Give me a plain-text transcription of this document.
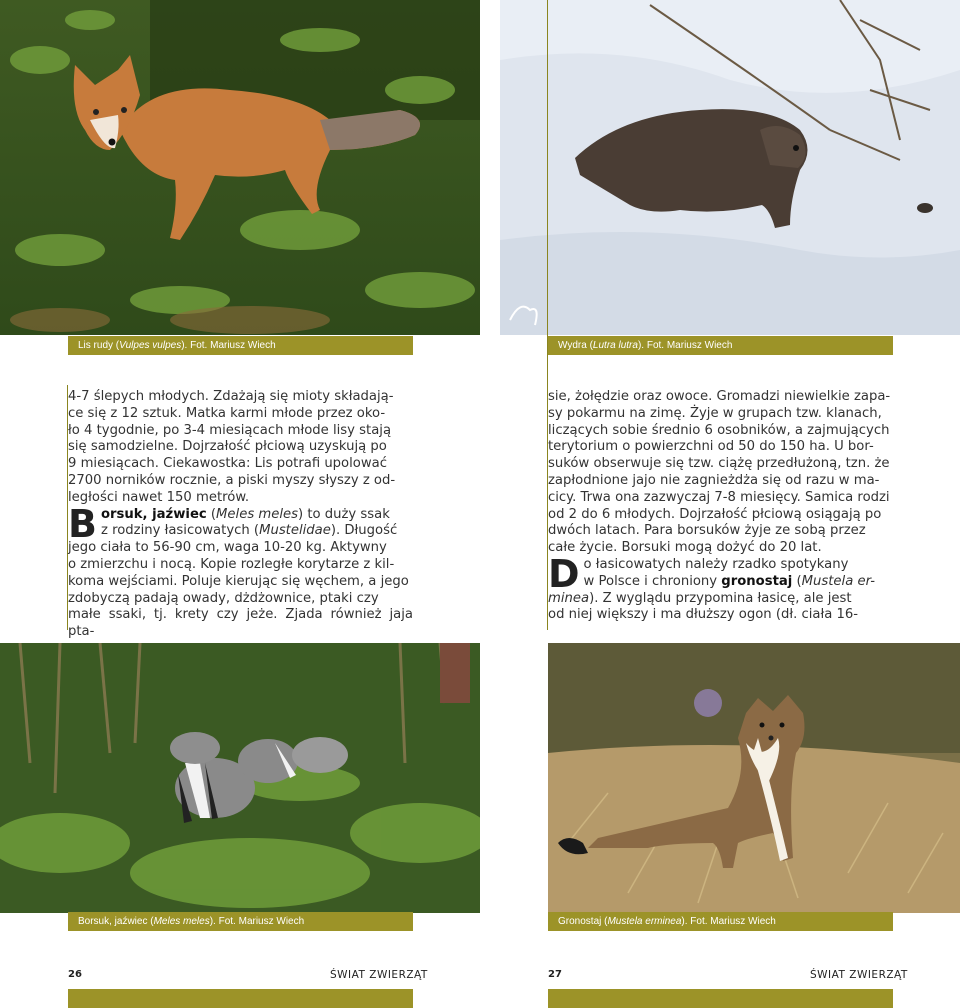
Lis rudy (Vulpes vulpes). Fot. Mariusz Wiech	Wydra (Lutra lutra). Fot. Mariusz Wiech
Borsuk, jaźwiec (Meles meles). Fot. Mariusz Wiech	Gronostaj (Mustela erminea). Fot. Mariusz Wiech
4-7 ślepych młodych. Zdażają się mioty składają-
ce się z 12 sztuk. Matka karmi młode przez oko-
ło 4 tygodnie, po 3-4 miesiącach młode lisy stają
się samodzielne. Dojrzałość płciową uzyskują po
9 miesiącach. Ciekawostka: Lis potrafi upolować
2700 norników rocznie, a piski myszy słyszy z od-
ległości nawet 150 metrów.
B orsuk, jaźwiec (Meles meles) to duży ssak
z rodziny łasicowatych (Mustelidae). Długość
jego ciała to 56-90 cm, waga 10-20 kg. Aktywny
o zmierzchu i nocą. Kopie rozległe korytarze z kil-
koma wejściami. Poluje kierując się węchem, a jego
zdobyczą padają owady, dżdżownice, ptaki czy
małe ssaki, tj. krety czy jeże. Zjada również jaja pta-
sie, żołędzie oraz owoce. Gromadzi niewielkie zapa-
sy pokarmu na zimę. Żyje w grupach tzw. klanach,
liczących sobie średnio 6 osobników, a zajmujących
terytorium o powierzchni od 50 do 150 ha. U bor-
suków obserwuje się tzw. ciążę przedłużoną, tzn. że
zapłodnione jajo nie zagnieżdża się od razu w ma-
cicy. Trwa ona zazwyczaj 7-8 miesięcy. Samica rodzi
od 2 do 6 młodych. Dojrzałość płciową osiągają po
dwóch latach. Para borsuków żyje ze sobą przez
całe życie. Borsuki mogą dożyć do 20 lat.
D o łasicowatych należy rzadko spotykany
w Polsce i chroniony gronostaj (Mustela er-
minea). Z wyglądu przypomina łasicę, ale jest
od niej większy i ma dłuższy ogon (dł. ciała 16-
26	ŚWIAT ZWIERZĄT	27	ŚWIAT ZWIERZĄT
